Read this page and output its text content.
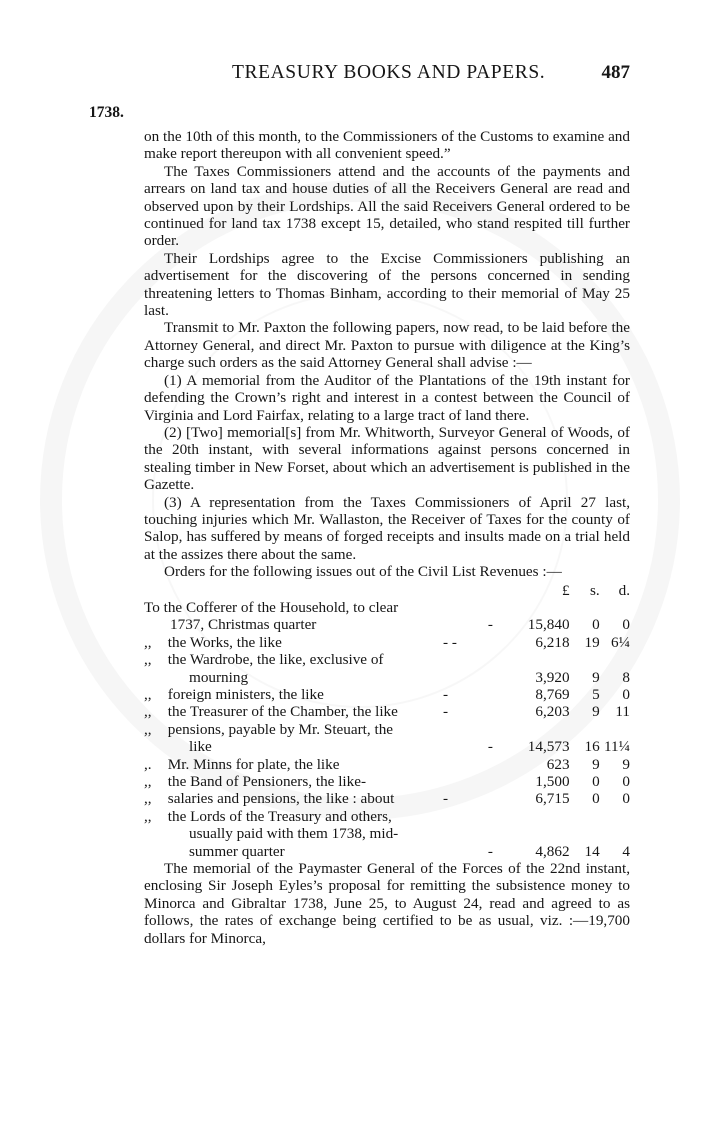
TREASURY BOOKS AND PAPERS.	487
1738.

on the 10th of this month, to the Commissioners of the Customs to examine and make report thereupon with all convenient speed.”

The Taxes Commissioners attend and the accounts of the payments and arrears on land tax and house duties of all the Receivers General are read and observed upon by their Lordships. All the said Receivers General ordered to be continued for land tax 1738 except 15, detailed, who stand respited till further order.

Their Lordships agree to the Excise Commissioners publishing an advertisement for the discovering of the persons concerned in sending threatening letters to Thomas Binham, according to their memorial of May 25 last.

Transmit to Mr. Paxton the following papers, now read, to be laid before the Attorney General, and direct Mr. Paxton to pursue with diligence at the King’s charge such orders as the said Attorney General shall advise :—

(1) A memorial from the Auditor of the Plantations of the 19th instant for defending the Crown’s right and interest in a contest between the Council of Virginia and Lord Fairfax, relating to a large tract of land there.

(2) [Two] memorial[s] from Mr. Whitworth, Surveyor General of Woods, of the 20th instant, with several informations against persons concerned in stealing timber in New Forset, about which an advertisement is published in the Gazette.

(3) A representation from the Taxes Commissioners of April 27 last, touching injuries which Mr. Wallaston, the Receiver of Taxes for the county of Salop, has suffered by means of forged receipts and insults made on a trial held at the assizes there about the same.

Orders for the following issues out of the Civil List Revenues :—

	£	s.	d.

To the Cofferer of the Household, to clear
1737, Christmas quarter -	15,840	0	0

,, the Works, the like - -	6,218	19	6¼

,, the Wardrobe, the like, exclusive of
mourning	3,920	9	8

,, foreign ministers, the like -	8,769	5	0

,, the Treasurer of the Chamber, the like -	6,203	9	11

,, pensions, payable by Mr. Steuart, the
like -	14,573	16	11¼

,. Mr. Minns for plate, the like	623	9	9

,, the Band of Pensioners, the like-	1,500	0	0

,, salaries and pensions, the like : about -	6,715	0	0

,, the Lords of the Treasury and others,
usually paid with them 1738, mid-
summer quarter -	4,862	14	4

The memorial of the Paymaster General of the Forces of the 22nd instant, enclosing Sir Joseph Eyles’s proposal for remitting the subsistence money to Minorca and Gibraltar 1738, June 25, to August 24, read and agreed to as follows, the rates of exchange being certified to be as usual, viz. :—19,700 dollars for Minorca,
